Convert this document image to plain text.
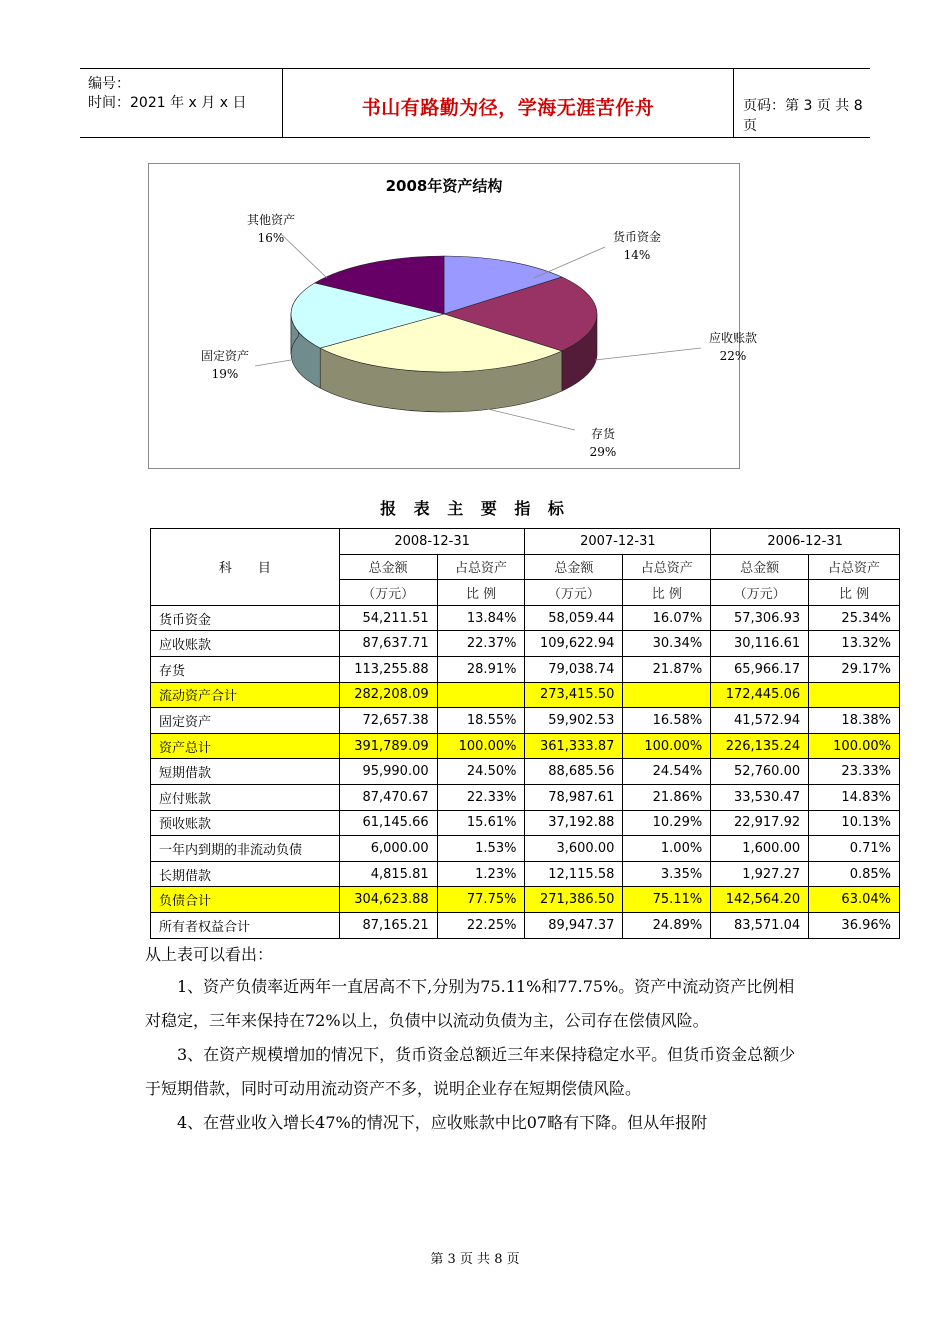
编号：
时间：2021 年 x 月 x 日	书山有路勤为径，学海无涯苦作舟	页码：第 3 页 共 8 页
2008年资产结构
货币资金
14%
应收账款
22%
存货
29%
固定资产
19%
其他资产
16%
报 表 主 要 指 标
科　　目	2008-12-31		2007-12-31		2006-12-31	
	总金额	占总资产	总金额	占总资产	总金额	占总资产
	（万元）	比 例	（万元）	比 例	（万元）	比 例
货币资金	54,211.51	13.84%	58,059.44	16.07%	57,306.93	25.34%
应收账款	87,637.71	22.37%	109,622.94	30.34%	30,116.61	13.32%
存货	113,255.88	28.91%	79,038.74	21.87%	65,966.17	29.17%
流动资产合计	282,208.09		273,415.50		172,445.06	
固定资产	72,657.38	18.55%	59,902.53	16.58%	41,572.94	18.38%
资产总计	391,789.09	100.00%	361,333.87	100.00%	226,135.24	100.00%
短期借款	95,990.00	24.50%	88,685.56	24.54%	52,760.00	23.33%
应付账款	87,470.67	22.33%	78,987.61	21.86%	33,530.47	14.83%
预收账款	61,145.66	15.61%	37,192.88	10.29%	22,917.92	10.13%
一年内到期的非流动负债	6,000.00	1.53%	3,600.00	1.00%	1,600.00	0.71%
长期借款	4,815.81	1.23%	12,115.58	3.35%	1,927.27	0.85%
负债合计	304,623.88	77.75%	271,386.50	75.11%	142,564.20	63.04%
所有者权益合计	87,165.21	22.25%	89,947.37	24.89%	83,571.04	36.96%

从上表可以看出：

1、资产负债率近两年一直居高不下,分别为75.11%和77.75%。资产中流动资产比例相对稳定，三年来保持在72%以上，负债中以流动负债为主，公司存在偿债风险。

3、在资产规模增加的情况下，货币资金总额近三年来保持稳定水平。但货币资金总额少于短期借款，同时可动用流动资产不多，说明企业存在短期偿债风险。

4、在营业收入增长47%的情况下，应收账款中比07略有下降。但从年报附

第 3 页 共 8 页
